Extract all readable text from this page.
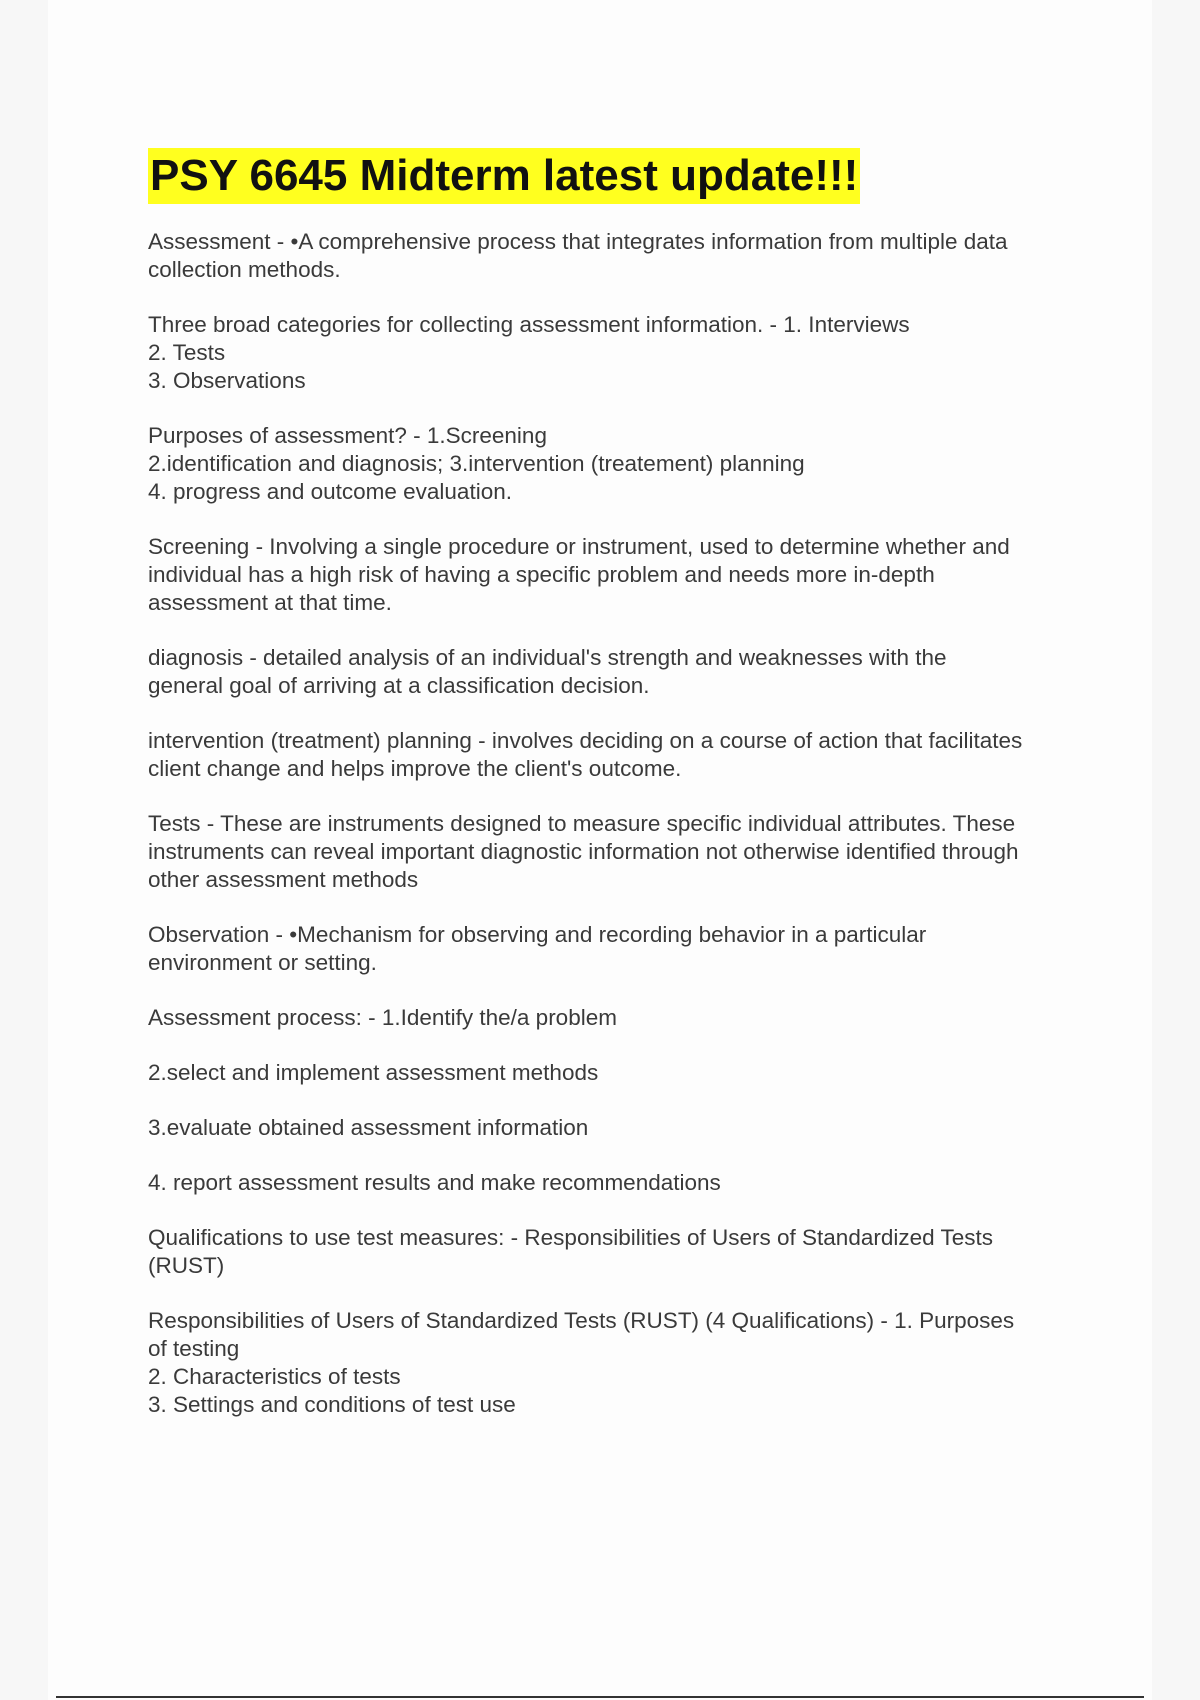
PSY 6645 Midterm latest update!!!
Assessment - •A comprehensive process that integrates information from multiple data
collection methods.
Three broad categories for collecting assessment information. - 1. Interviews
2. Tests
3. Observations
Purposes of assessment? - 1.Screening
2.identification and diagnosis; 3.intervention (treatement) planning
4. progress and outcome evaluation.
Screening - Involving a single procedure or instrument, used to determine whether and
individual has a high risk of having a specific problem and needs more in-depth
assessment at that time.
diagnosis - detailed analysis of an individual's strength and weaknesses with the
general goal of arriving at a classification decision.
intervention (treatment) planning - involves deciding on a course of action that facilitates
client change and helps improve the client's outcome.
Tests - These are instruments designed to measure specific individual attributes. These
instruments can reveal important diagnostic information not otherwise identified through
other assessment methods
Observation - •Mechanism for observing and recording behavior in a particular
environment or setting.
Assessment process: - 1.Identify the/a problem
2.select and implement assessment methods
3.evaluate obtained assessment information
4. report assessment results and make recommendations
Qualifications to use test measures: - Responsibilities of Users of Standardized Tests
(RUST)
Responsibilities of Users of Standardized Tests (RUST) (4 Qualifications) - 1. Purposes
of testing
2. Characteristics of tests
3. Settings and conditions of test use
